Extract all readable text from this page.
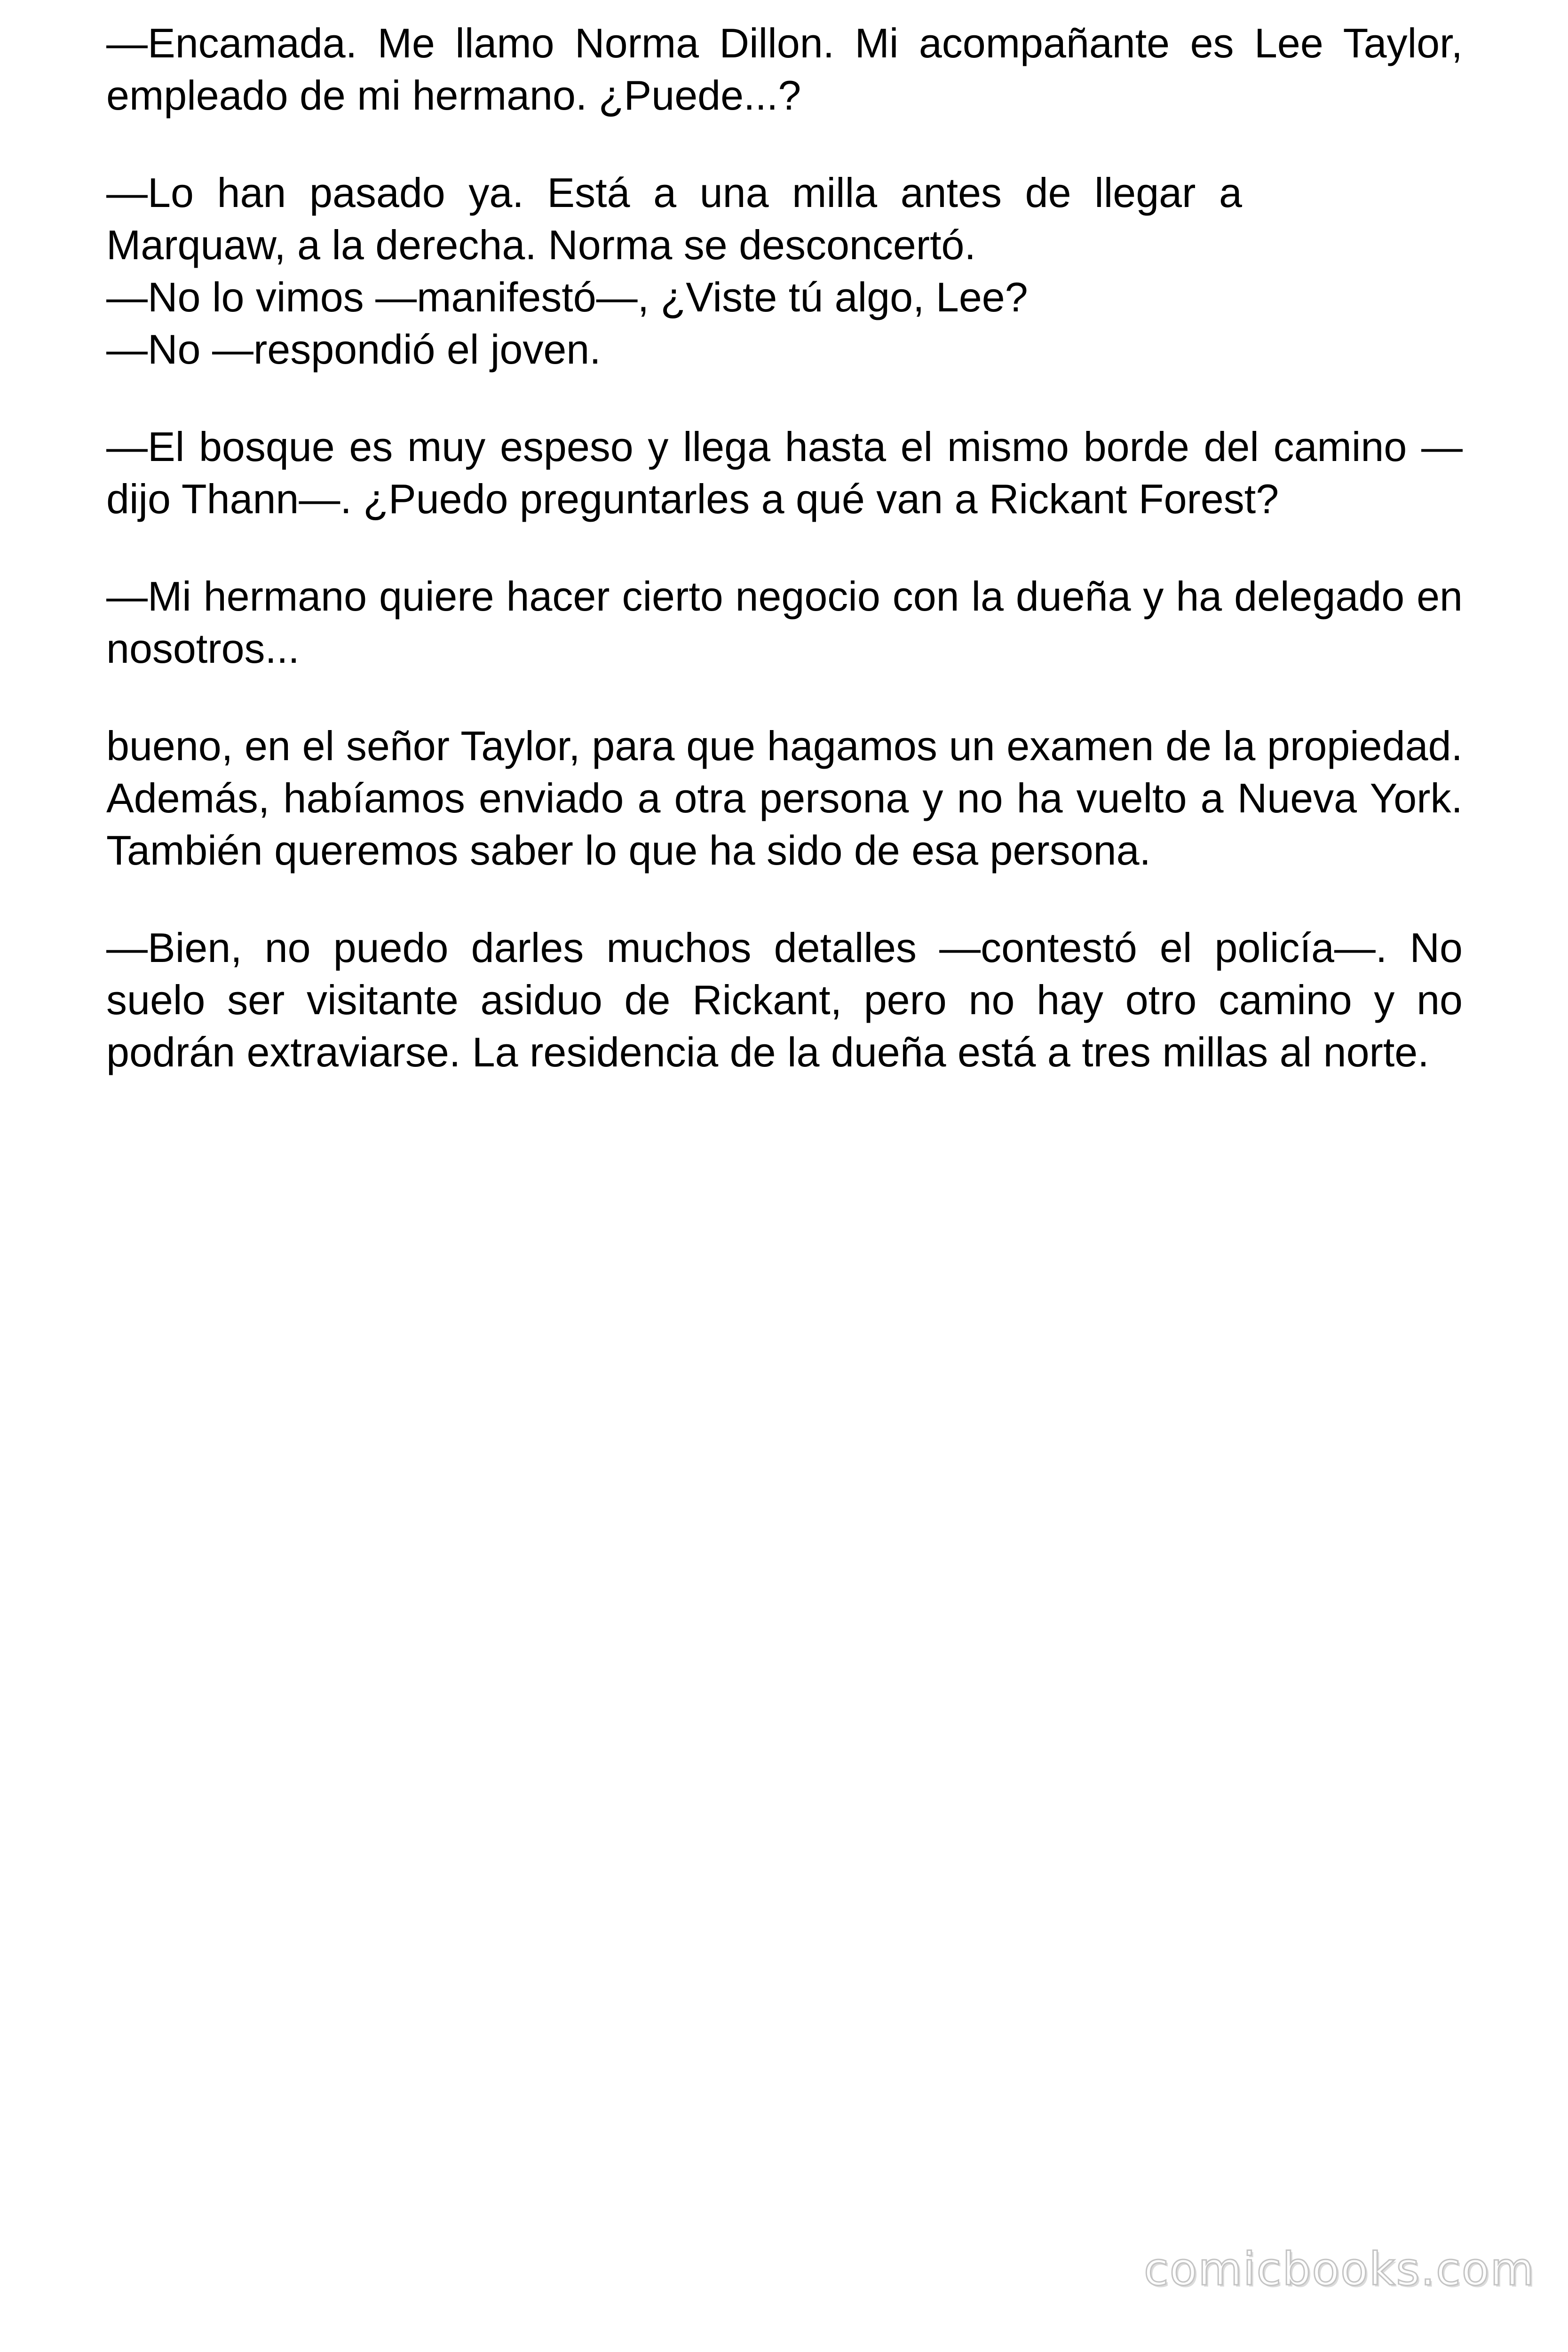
—Encamada. Me llamo Norma Dillon. Mi acompañante es Lee Taylor, empleado de mi hermano. ¿Puede...?

—Lo han pasado ya. Está a una milla antes de llegar a
Marquaw, a la derecha. Norma se desconcertó.
—No lo vimos —manifestó—, ¿Viste tú algo, Lee?
—No —respondió el joven.

—El bosque es muy espeso y llega hasta el mismo borde del camino —dijo Thann—. ¿Puedo preguntarles a qué van a Rickant Forest?

—Mi hermano quiere hacer cierto negocio con la dueña y ha delegado en nosotros...

bueno, en el señor Taylor, para que hagamos un examen de la propiedad. Además, habíamos enviado a otra persona y no ha vuelto a Nueva York. También queremos saber lo que ha sido de esa persona.

—Bien, no puedo darles muchos detalles —contestó el policía—. No suelo ser visitante asiduo de Rickant, pero no hay otro camino y no podrán extraviarse. La residencia de la dueña está a tres millas al norte.

comicbooks.com
